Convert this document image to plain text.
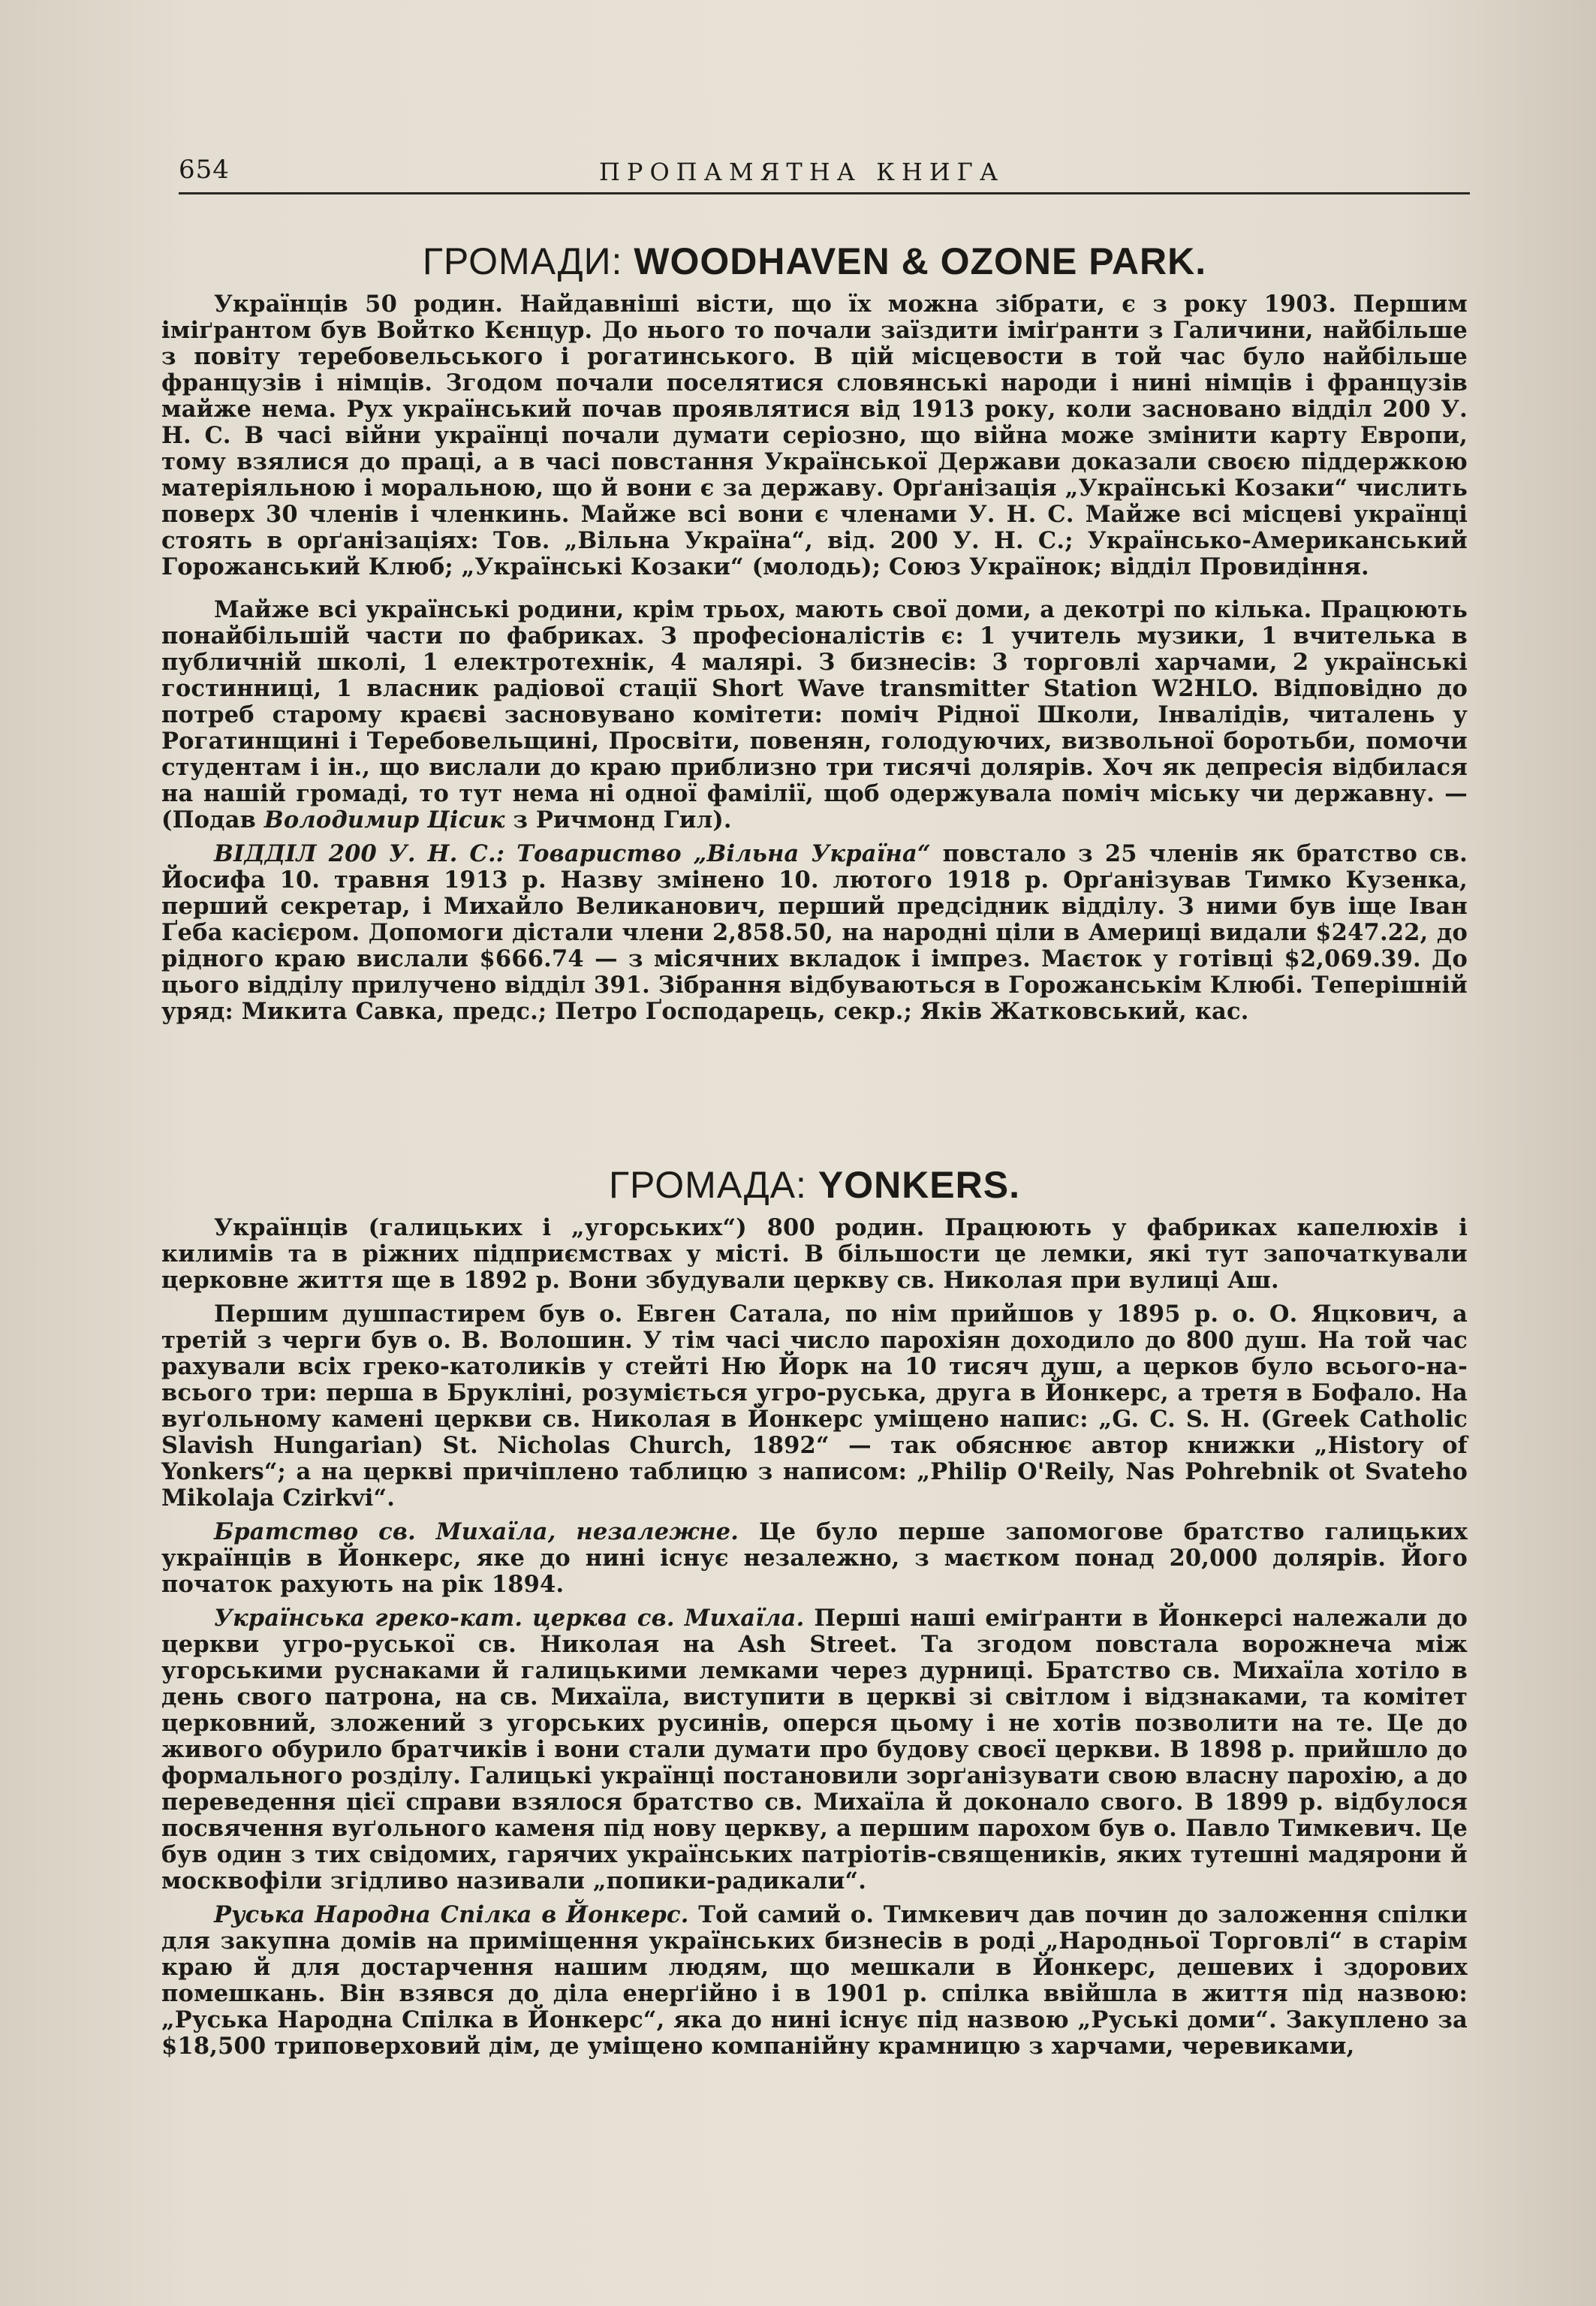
654	ПРОПАМЯТНА КНИГА
ГРОМАДИ: WOODHAVEN & OZONE PARK.

Українців 50 родин. Найдавніші вісти, що їх можна зібрати, є з року 1903. Першим іміґрантом був Войтко Кєнцур. До нього то почали заїздити іміґранти з Галичини, найбільше з повіту теребовельського і рогатинського. В цій місцевости в той час було найбільше французів і німців. Згодом почали поселятися словянські народи і нині німців і французів майже нема. Рух український почав проявлятися від 1913 року, коли засновано відділ 200 У. Н. С. В часі війни українці почали думати серіозно, що війна може змінити карту Европи, тому взялися до праці, а в часі повстання Української Держави доказали своєю піддержкою матеріяльною і моральною, що й вони є за державу. Орґанізація „Українські Козаки“ числить поверх 30 членів і членкинь. Майже всі вони є членами У. Н. С. Майже всі місцеві українці стоять в орґанізаціях: Тов. „Вільна Україна“, від. 200 У. Н. С.; Українсько-Американський Горожанський Клюб; „Українські Козаки“ (молодь); Союз Українок; відділ Провидіння.

Майже всі українські родини, крім трьох, мають свої доми, а декотрі по кілька. Працюють понайбільшій части по фабриках. З професіоналістів є: 1 учитель музики, 1 вчителька в публичній школі, 1 електротехнік, 4 малярі. З бизнесів: 3 торговлі харчами, 2 українські гостинниці, 1 власник радіової стації Short Wave transmitter Station W2HLO. Відповідно до потреб старому краєві засновувано комітети: поміч Рідної Школи, Інвалідів, читалень у Рогатинщині і Теребовельщині, Просвіти, повенян, голодуючих, визвольної боротьби, помочи студентам і ін., що вислали до краю приблизно три тисячі долярів. Хоч як депресія відбилася на нашій громаді, то тут нема ні одної фамілії, щоб одержувала поміч міську чи державну. — (Подав Володимир Цісик з Ричмонд Гил).

ВІДДІЛ 200 У. Н. С.: Товариство „Вільна Україна“ повстало з 25 членів як братство св. Йосифа 10. травня 1913 р. Назву змінено 10. лютого 1918 р. Орґанізував Тимко Кузенка, перший секретар, і Михайло Великанович, перший предсідник відділу. З ними був іще Іван Ґеба касієром. Допомоги дістали члени 2,858.50, на народні ціли в Америці видали $247.22, до рідного краю вислали $666.74 — з місячних вкладок і імпрез. Маєток у готівці $2,069.39. До цього відділу прилучено відділ 391. Зібрання відбуваються в Горожанськім Клюбі. Теперішній уряд: Микита Савка, предс.; Петро Ґосподарець, секр.; Яків Жатковський, кас.

ГРОМАДА: YONKERS.

Українців (галицьких і „угорських“) 800 родин. Працюють у фабриках капелюхів і килимів та в ріжних підприємствах у місті. В більшости це лемки, які тут започаткували церковне життя ще в 1892 р. Вони збудували церкву св. Николая при вулиці Аш.

Першим душпастирем був о. Евген Сатала, по нім прийшов у 1895 р. о. О. Яцкович, а третій з черги був о. В. Волошин. У тім часі число парохіян доходило до 800 душ. На той час рахували всіх греко-католиків у стейті Ню Йорк на 10 тисяч душ, а церков було всього-на-всього три: перша в Брукліні, розуміється угро-руська, друга в Йонкерс, а третя в Бофало. На вуґольному камені церкви св. Николая в Йонкерс уміщено напис: „G. C. S. H. (Greek Catholic Slavish Hungarian) St. Nicholas Church, 1892“ — так обяснює автор книжки „History of Yonkers“; а на церкві причіплено таблицю з написом: „Philip O'Reily, Nas Pohrebnik ot Svateho Mikolaja Czirkvi“.

Братство св. Михаїла, незалежне. Це було перше запомогове братство галицьких українців в Йонкерс, яке до нині існує незалежно, з маєтком понад 20,000 долярів. Його початок рахують на рік 1894.

Українська греко-кат. церква св. Михаїла. Перші наші еміґранти в Йонкерсі належали до церкви угро-руської св. Николая на Ash Street. Та згодом повстала ворожнеча між угорськими руснаками й галицькими лемками через дурниці. Братство св. Михаїла хотіло в день свого патрона, на св. Михаїла, виступити в церкві зі світлом і відзнаками, та комітет церковний, зложений з угорських русинів, оперся цьому і не хотів позволити на те. Це до живого обурило братчиків і вони стали думати про будову своєї церкви. В 1898 р. прийшло до формального розділу. Галицькі українці постановили зорґанізувати свою власну парохію, а до переведення цієї справи взялося братство св. Михаїла й доконало свого. В 1899 р. відбулося посвячення вуґольного каменя під нову церкву, а першим парохом був о. Павло Тимкевич. Це був один з тих свідомих, гарячих українських патріотів-священиків, яких тутешні мадярони й москвофіли згідливо називали „попики-радикали“.

Руська Народна Спілка в Йонкерс. Той самий о. Тимкевич дав почин до заложення спілки для закупна домів на приміщення українських бизнесів в роді „Народньої Торговлі“ в старім краю й для достарчення нашим людям, що мешкали в Йонкерс, дешевих і здорових помешкань. Він взявся до діла енерґійно і в 1901 р. спілка ввійшла в життя під назвою: „Руська Народна Спілка в Йонкерс“, яка до нині існує під назвою „Руські доми“. Закуплено за $18,500 триповерховий дім, де уміщено компанійну крамницю з харчами, черевиками,
